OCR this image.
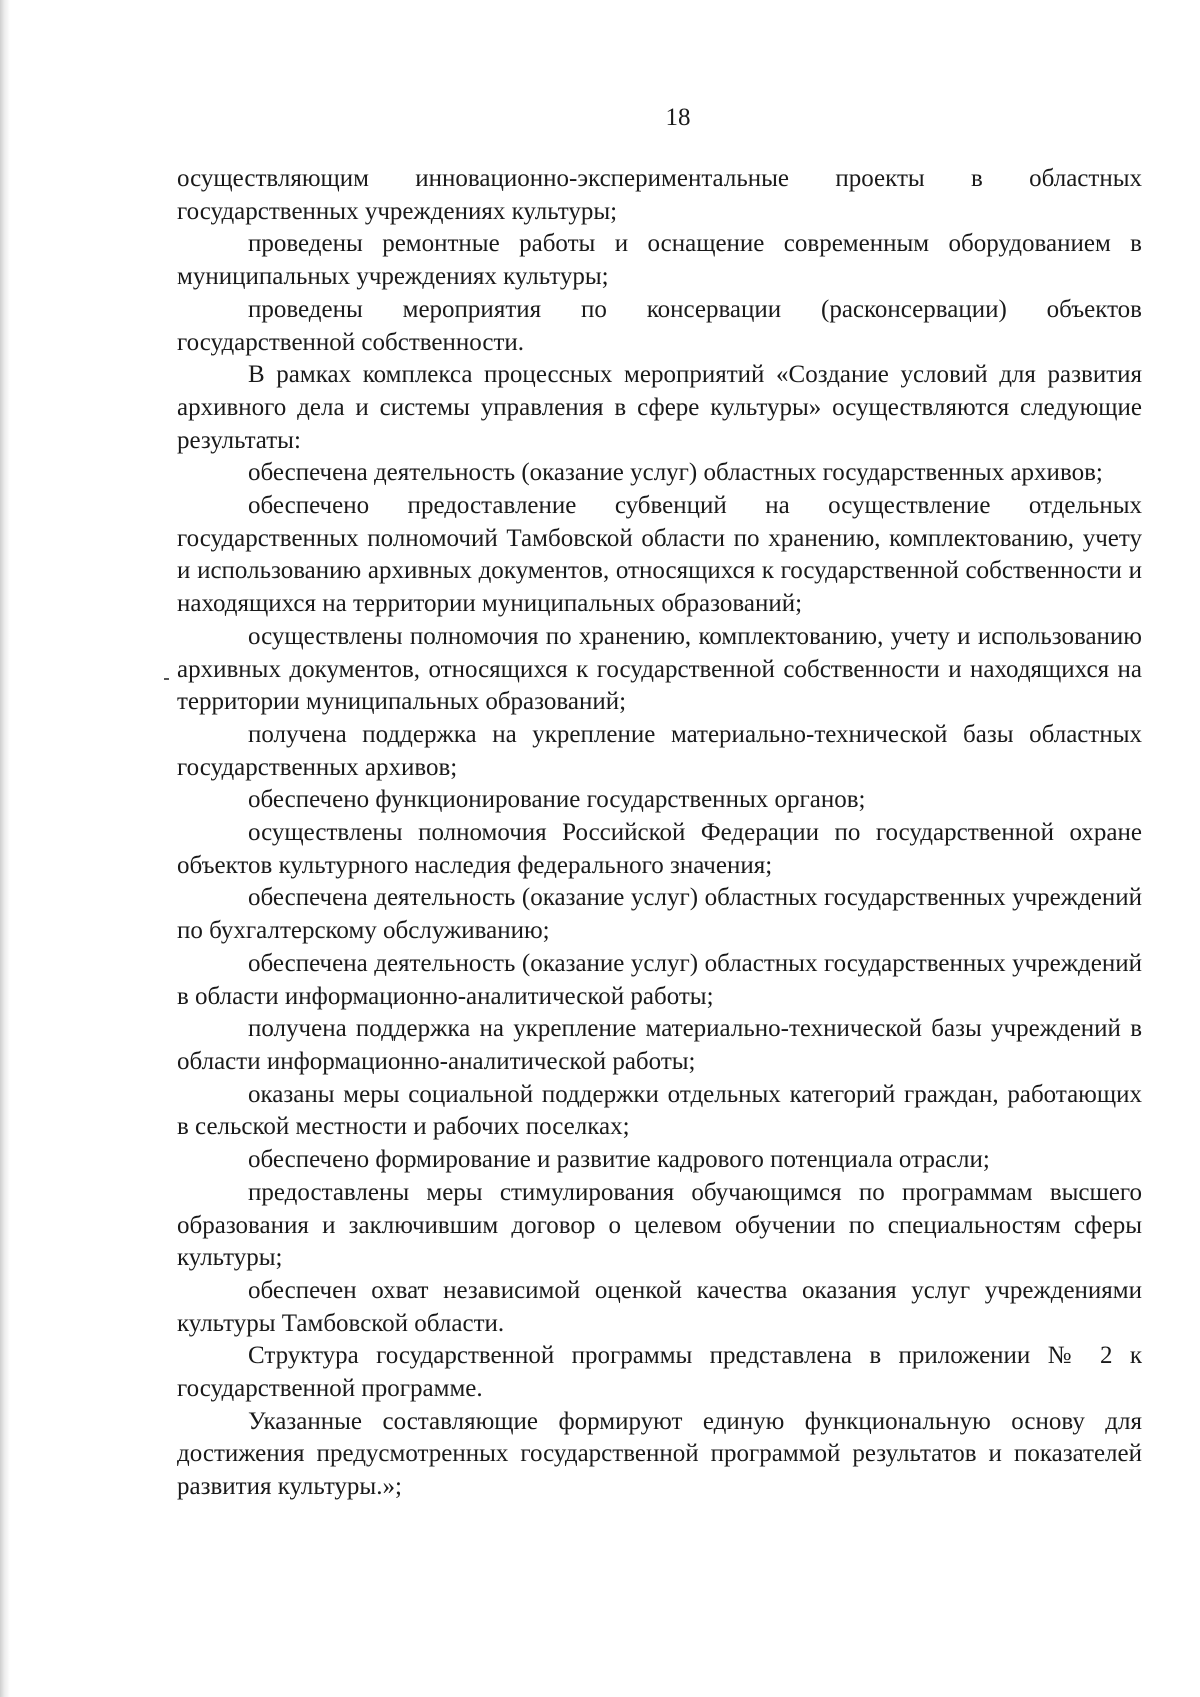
18

осуществляющим инновационно-экспериментальные проекты в областных государственных учреждениях культуры;

проведены ремонтные работы и оснащение современным оборудованием в муниципальных учреждениях культуры;

проведены мероприятия по консервации (расконсервации) объектов государственной собственности.

В рамках комплекса процессных мероприятий «Создание условий для развития архивного дела и системы управления в сфере культуры» осуществляются следующие результаты:

обеспечена деятельность (оказание услуг) областных государственных архивов;

обеспечено предоставление субвенций на осуществление отдельных государственных полномочий Тамбовской области по хранению, комплектованию, учету и использованию архивных документов, относящихся к государственной собственности и находящихся на территории муниципальных образований;

осуществлены полномочия по хранению, комплектованию, учету и использованию архивных документов, относящихся к государственной собственности и находящихся на территории муниципальных образований;

получена поддержка на укрепление материально-технической базы областных государственных архивов;

обеспечено функционирование государственных органов;

осуществлены полномочия Российской Федерации по государственной охране объектов культурного наследия федерального значения;

обеспечена деятельность (оказание услуг) областных государственных учреждений по бухгалтерскому обслуживанию;

обеспечена деятельность (оказание услуг) областных государственных учреждений в области информационно-аналитической работы;

получена поддержка на укрепление материально-технической базы учреждений в области информационно-аналитической работы;

оказаны меры социальной поддержки отдельных категорий граждан, работающих в сельской местности и рабочих поселках;

обеспечено формирование и развитие кадрового потенциала отрасли;

предоставлены меры стимулирования обучающимся по программам высшего образования и заключившим договор о целевом обучении по специальностям сферы культуры;

обеспечен охват независимой оценкой качества оказания услуг учреждениями культуры Тамбовской области.

Структура государственной программы представлена в приложении № 2 к государственной программе.

Указанные составляющие формируют единую функциональную основу для достижения предусмотренных государственной программой результатов и показателей развития культуры.»;
